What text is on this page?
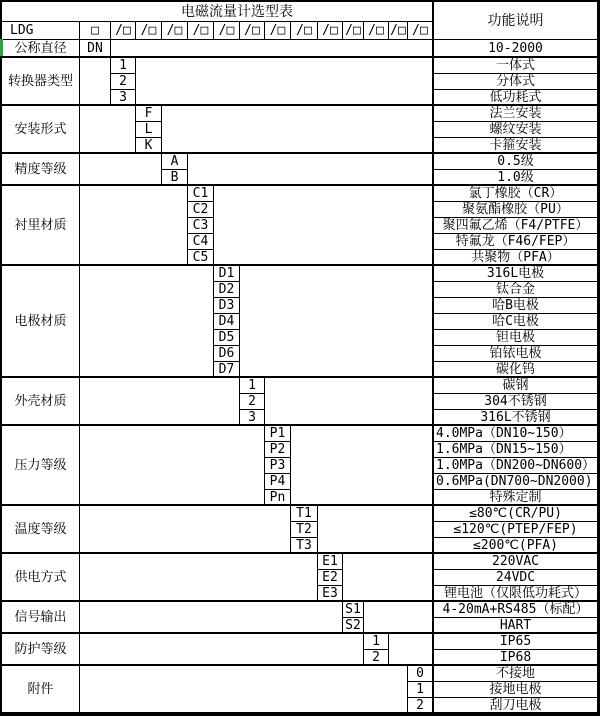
电磁流量计选型表
功能说明
LDG	□	/□ /□ /□ /□ /□ /□ /□ /□ /□ /□ /□ /□ /□
公称直径	DN	10-2000
转换器类型
1	一体式
2	分体式
3	低功耗式
安装形式
F	法兰安装
L	螺纹安装
K	卡箍安装
精度等级	A	0.5级
B	1.0级
衬里材质
C1	氯丁橡胶（CR）
C2	聚氨酯橡胶（PU）
C3	聚四氟乙烯（F4/PTFE）
C4	特氟龙（F46/FEP）
C5	共聚物（PFA）
电极材质
D1	316L电极
D2	钛合金
D3	哈B电极
D4	哈C电极
D5	钽电极
D6	铂铱电极
D7	碳化钨
外壳材质
1	碳钢
2	304不锈钢
3	316L不锈钢
压力等级
P1	4.0MPa（DN10~150）
P2	1.6MPa（DN15~150）
P3	1.0MPa（DN200~DN600）
P4	0.6MPa(DN700~DN2000)
Pn	特殊定制
温度等级
T1	≤80℃(CR/PU)
T2	≤120℃(PTEP/FEP)
T3	≤200℃(PFA)
供电方式
E1	220VAC
E2	24VDC
E3	锂电池（仅限低功耗式）
信号输出	S1	4-20mA+RS485（标配）
S2	HART
防护等级	1	IP65
2	IP68
附件
0	不接地
1	接地电极
2	刮刀电极
